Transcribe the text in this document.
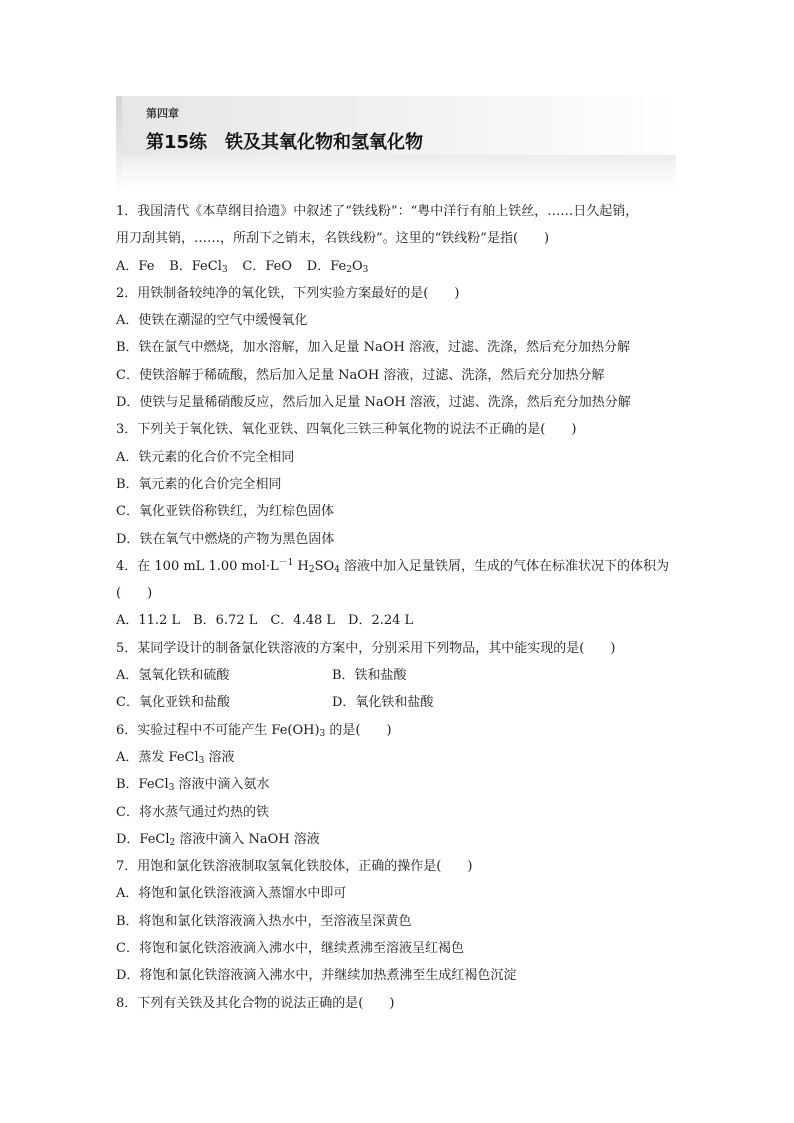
第四章
第15练　铁及其氧化物和氢氧化物
1．我国清代《本草纲目拾遗》中叙述了“铁线粉”：“粤中洋行有舶上铁丝，……日久起销，
用刀刮其销，……，所刮下之销末，名铁线粉”。这里的“铁线粉”是指(　　)
A．Fe   B．FeCl$_3$   C．FeO   D．$Fe_2O_3$
2．用铁制备较纯净的氧化铁，下列实验方案最好的是(　　)
A．使铁在潮湿的空气中缓慢氧化
B．铁在氯气中燃烧，加水溶解，加入足量 NaOH 溶液，过滤、洗涤，然后充分加热分解
C．使铁溶解于稀硫酸，然后加入足量 NaOH 溶液，过滤、洗涤，然后充分加热分解
D．使铁与足量稀硝酸反应，然后加入足量 NaOH 溶液，过滤、洗涤，然后充分加热分解
3．下列关于氧化铁、氧化亚铁、四氧化三铁三种氧化物的说法不正确的是(　　)
A．铁元素的化合价不完全相同
B．氧元素的化合价完全相同
C．氧化亚铁俗称铁红，为红棕色固体
D．铁在氧气中燃烧的产物为黑色固体
4．在 100 mL 1.00 $mol\cdot L^{-1}$ $H_2SO_4$ 溶液中加入足量铁屑，生成的气体在标准状况下的体积为
(　　)
A．11.2 L　B．6.72 L　C．4.48 L　D．2.24 L
5．某同学设计的制备氯化铁溶液的方案中，分别采用下列物品，其中能实现的是(　　)
A．氢氧化铁和硫酸	B．铁和盐酸
C．氧化亚铁和盐酸	D．氧化铁和盐酸
6．实验过程中不可能产生 $Fe(OH)_3$ 的是(　　)
A．蒸发 FeCl$_3$ 溶液
B．FeCl$_3$ 溶液中滴入氨水
C．将水蒸气通过灼热的铁
D．FeCl$_2$ 溶液中滴入 NaOH 溶液
7．用饱和氯化铁溶液制取氢氧化铁胶体，正确的操作是(　　)
A．将饱和氯化铁溶液滴入蒸馏水中即可
B．将饱和氯化铁溶液滴入热水中，至溶液呈深黄色
C．将饱和氯化铁溶液滴入沸水中，继续煮沸至溶液呈红褐色
D．将饱和氯化铁溶液滴入沸水中，并继续加热煮沸至生成红褐色沉淀
8．下列有关铁及其化合物的说法正确的是(　　)
